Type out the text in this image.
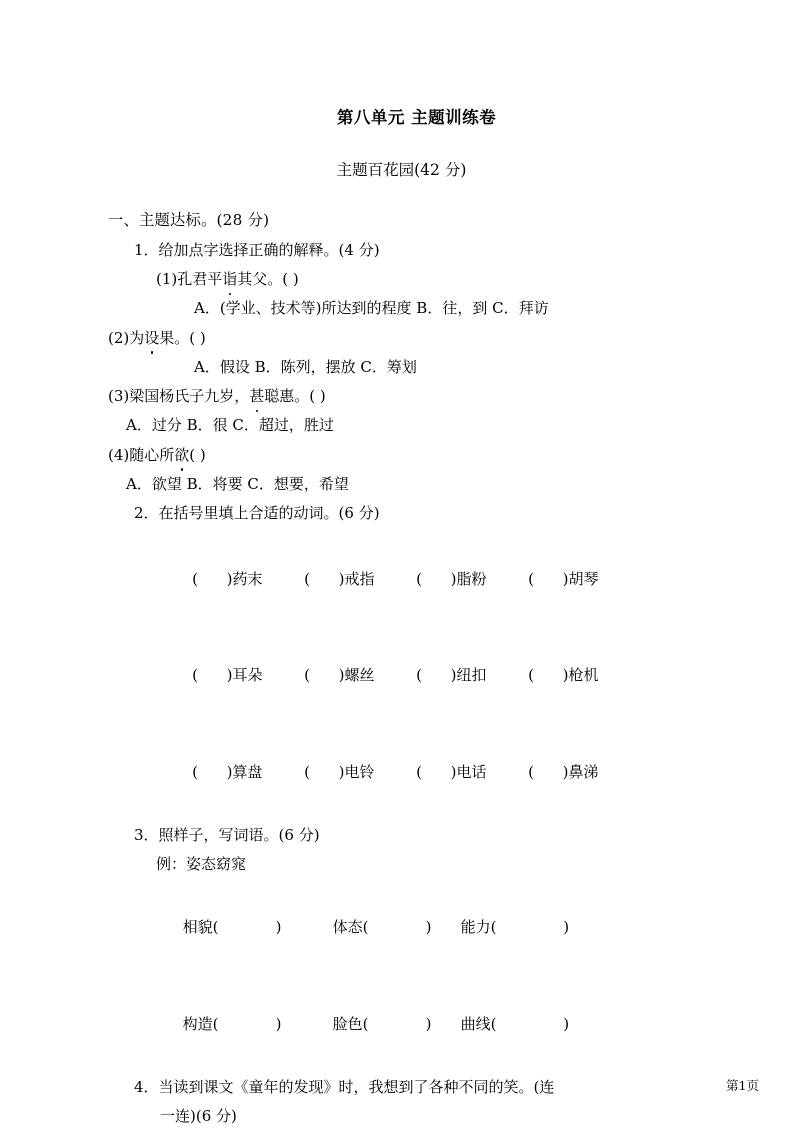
第八单元 主题训练卷
主题百花园(42 分)

一、主题达标。(28 分)

1．给加点字选择正确的解释。(4 分)

(1)孔君平诣其父。( )

A．(学业、技术等)所达到的程度 B．往，到 C．拜访

(2)为设果。( )

A．假设 B．陈列，摆放 C．筹划

(3)梁国杨氏子九岁，甚聪惠。( )

A．过分 B．很 C．超过，胜过

(4)随心所欲( )

A．欲望 B．将要 C．想要，希望

2．在括号里填上合适的动词。(6 分)

(      )药末	(      )戒指	(      )脂粉	(      )胡琴

(      )耳朵	(      )螺丝	(      )纽扣	(      )枪机

(      )算盘	(      )电铃	(      )电话	(      )鼻涕

3．照样子，写词语。(6 分)

例：姿态窈窕

相貌(            )	体态(            ) 能力(              )

构造(            )	脸色(            ) 曲线(              )

4．当读到课文《童年的发现》时，我想到了各种不同的笑。(连

一连)(6 分)

第1页
